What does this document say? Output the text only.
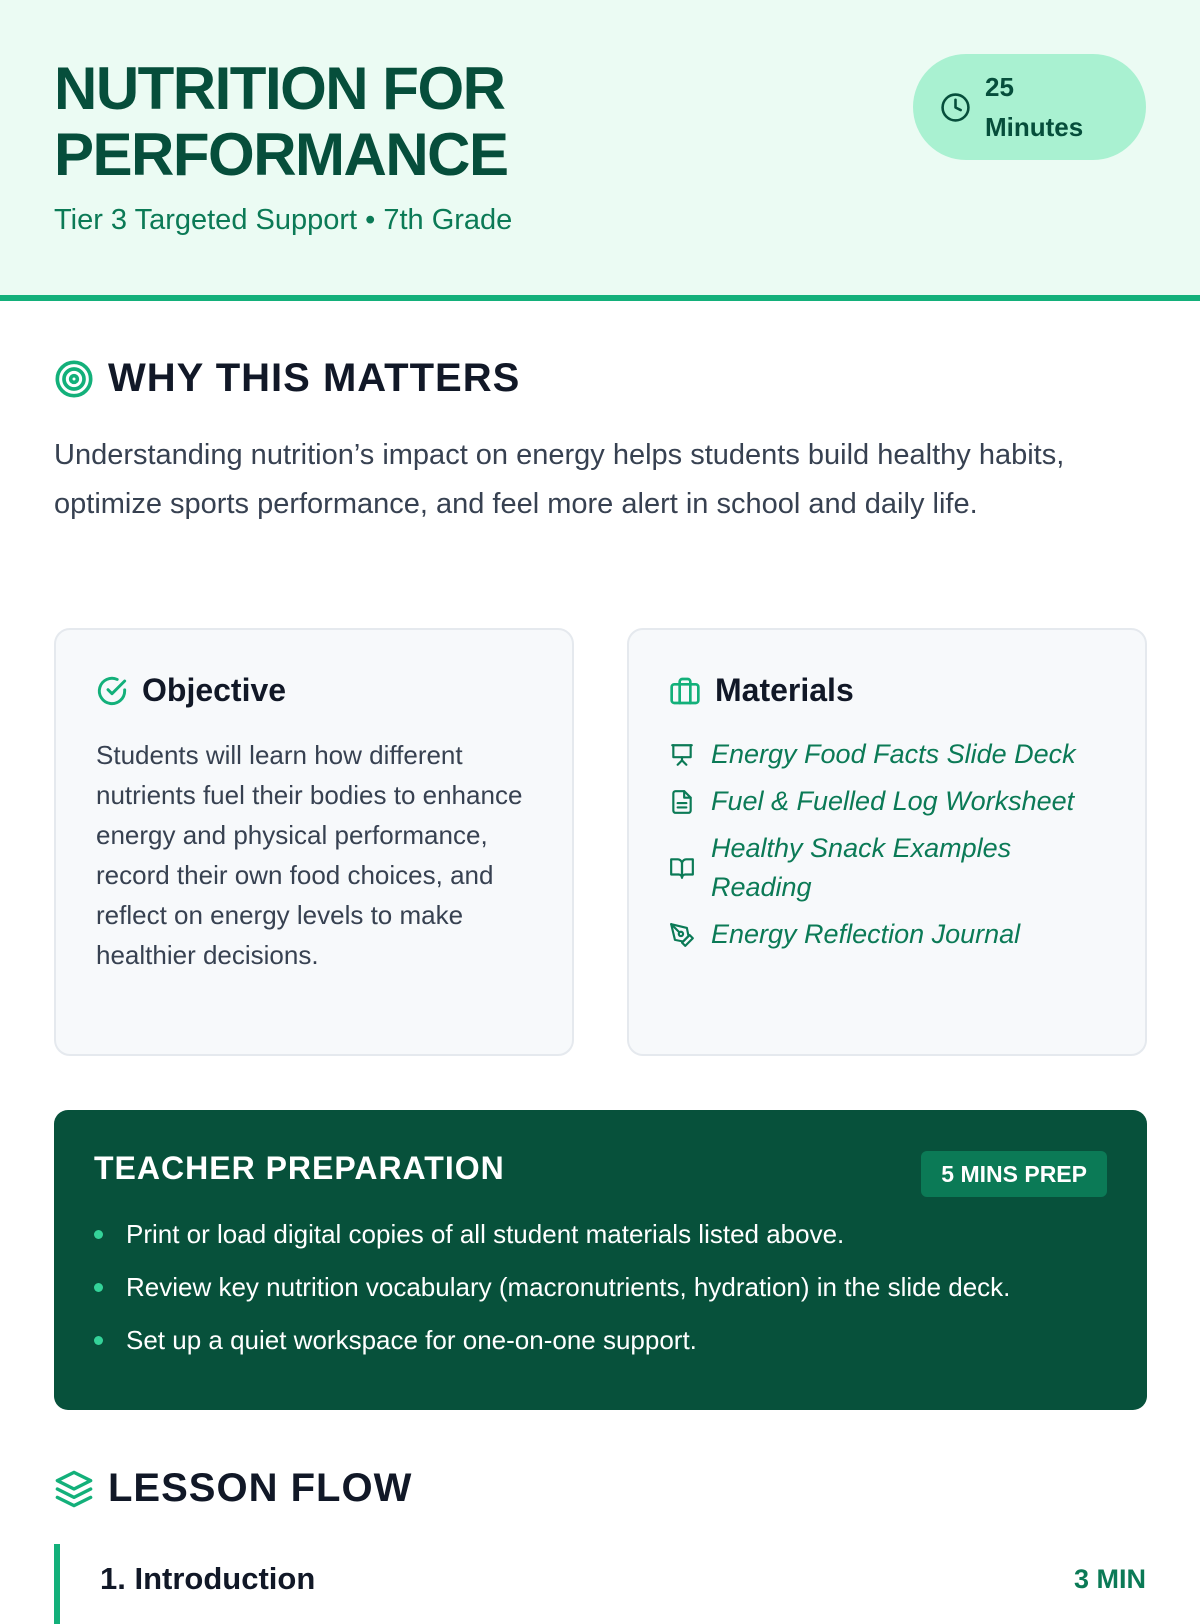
NUTRITION FOR PERFORMANCE
Tier 3 Targeted Support • 7th Grade
25 Minutes
WHY THIS MATTERS

Understanding nutrition’s impact on energy helps students build healthy habits, optimize sports performance, and feel more alert in school and daily life.

Objective

Students will learn how different nutrients fuel their bodies to enhance energy and physical performance, record their own food choices, and reflect on energy levels to make healthier decisions.

Materials
Energy Food Facts Slide Deck
Fuel & Fuelled Log Worksheet
Healthy Snack Examples Reading
Energy Reflection Journal
TEACHER PREPARATION	5 MINS PREP
Print or load digital copies of all student materials listed above.
Review key nutrition vocabulary (macronutrients, hydration) in the slide deck.
Set up a quiet workspace for one-on-one support.
LESSON FLOW
1. Introduction	3 MIN
